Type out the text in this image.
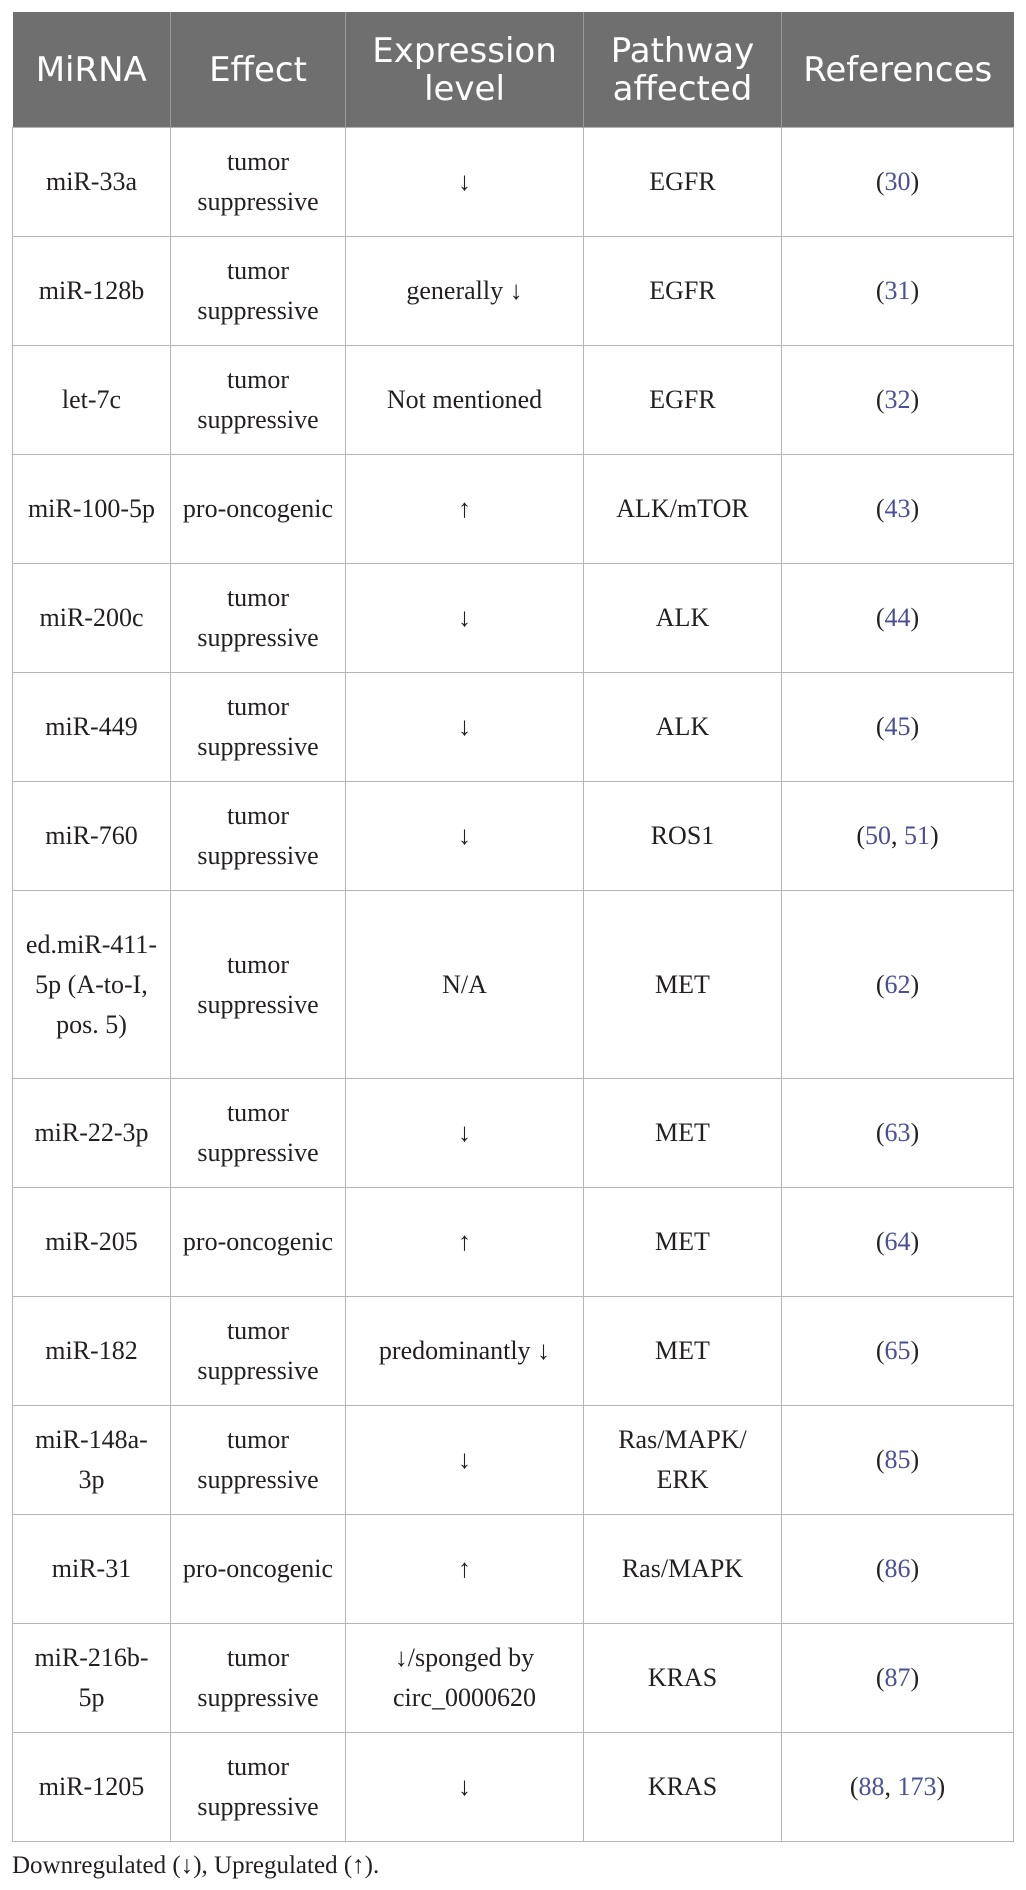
MiRNA	Effect	Expression level	Pathway affected	References
miR-33a	tumor suppressive	↓	EGFR	(30)
miR-128b	tumor suppressive	generally ↓	EGFR	(31)
let-7c	tumor suppressive	Not mentioned	EGFR	(32)
miR-100-5p	pro-oncogenic	↑	ALK/mTOR	(43)
miR-200c	tumor suppressive	↓	ALK	(44)
miR-449	tumor suppressive	↓	ALK	(45)
miR-760	tumor suppressive	↓	ROS1	(50, 51)
ed.miR-411-5p (A-to-I, pos. 5)	tumor suppressive	N/A	MET	(62)
miR-22-3p	tumor suppressive	↓	MET	(63)
miR-205	pro-oncogenic	↑	MET	(64)
miR-182	tumor suppressive	predominantly ↓	MET	(65)
miR-148a-3p	tumor suppressive	↓	Ras/MAPK/ ERK	(85)
miR-31	pro-oncogenic	↑	Ras/MAPK	(86)
miR-216b-5p	tumor suppressive	↓/sponged by circ_0000620	KRAS	(87)
miR-1205	tumor suppressive	↓	KRAS	(88, 173)
Downregulated (↓), Upregulated (↑).
